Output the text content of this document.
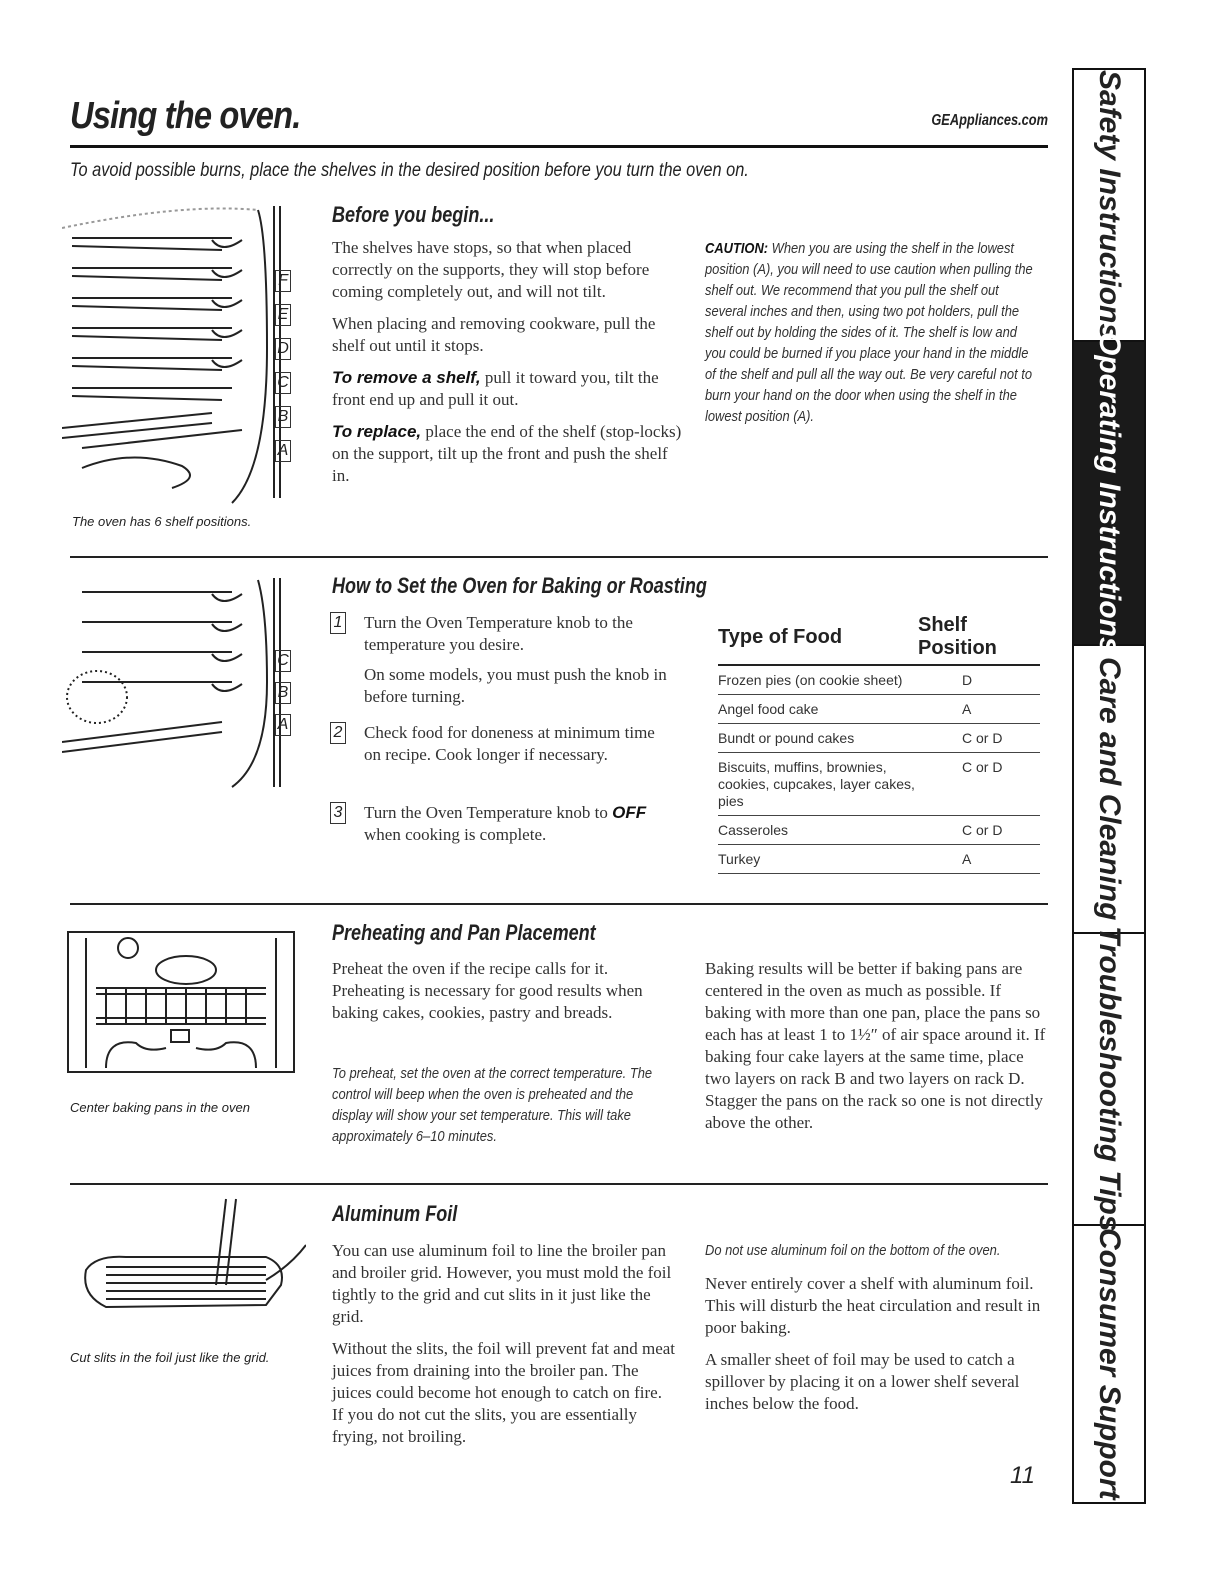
Using the oven.	GEAppliances.com
To avoid possible burns, place the shelves in the desired position before you turn the oven on.
F
E
D
C
B
A
The oven has 6 shelf positions.
Before you begin...

The shelves have stops, so that when placed correctly on the supports, they will stop before coming completely out, and will not tilt.

When placing and removing cookware, pull the shelf out until it stops.

To remove a shelf, pull it toward you, tilt the front end up and pull it out.

To replace, place the end of the shelf (stop-locks) on the support, tilt up the front and push the shelf in.

CAUTION: When you are using the shelf in the lowest position (A), you will need to use caution when pulling the shelf out. We recommend that you pull the shelf out several inches and then, using two pot holders, pull the shelf out by holding the sides of it. The shelf is low and you could be burned if you place your hand in the middle of the shelf and pull all the way out. Be very careful not to burn your hand on the door when using the shelf in the lowest position (A).
C
B
A
How to Set the Oven for Baking or Roasting
1 Turn the Oven Temperature knob to the temperature you desire.
On some models, you must push the knob in before turning.
2 Check food for doneness at minimum time on recipe. Cook longer if necessary.
3 Turn the Oven Temperature knob to OFF when cooking is complete.
Type of Food	Shelf Position
Frozen pies (on cookie sheet)	D
Angel food cake	A
Bundt or pound cakes	C or D
Biscuits, muffins, brownies, cookies, cupcakes, layer cakes, pies	C or D
Casseroles	C or D
Turkey	A
Center baking pans in the oven
Preheating and Pan Placement

Preheat the oven if the recipe calls for it. Preheating is necessary for good results when baking cakes, cookies, pastry and breads.

To preheat, set the oven at the correct temperature. The control will beep when the oven is preheated and the display will show your set temperature. This will take approximately 6–10 minutes.
Baking results will be better if baking pans are centered in the oven as much as possible. If baking with more than one pan, place the pans so each has at least 1 to 1½″ of air space around it. If baking four cake layers at the same time, place two layers on rack B and two layers on rack D. Stagger the pans on the rack so one is not directly above the other.
Cut slits in the foil just like the grid.
Aluminum Foil

You can use aluminum foil to line the broiler pan and broiler grid. However, you must mold the foil tightly to the grid and cut slits in it just like the grid.

Without the slits, the foil will prevent fat and meat juices from draining into the broiler pan. The juices could become hot enough to catch on fire. If you do not cut the slits, you are essentially frying, not broiling.

Do not use aluminum foil on the bottom of the oven.

Never entirely cover a shelf with aluminum foil. This will disturb the heat circulation and result in poor baking.

A smaller sheet of foil may be used to catch a spillover by placing it on a lower shelf several inches below the food.

11
Safety Instructions
Operating Instructions
Care and Cleaning
Troubleshooting Tips
Consumer Support
